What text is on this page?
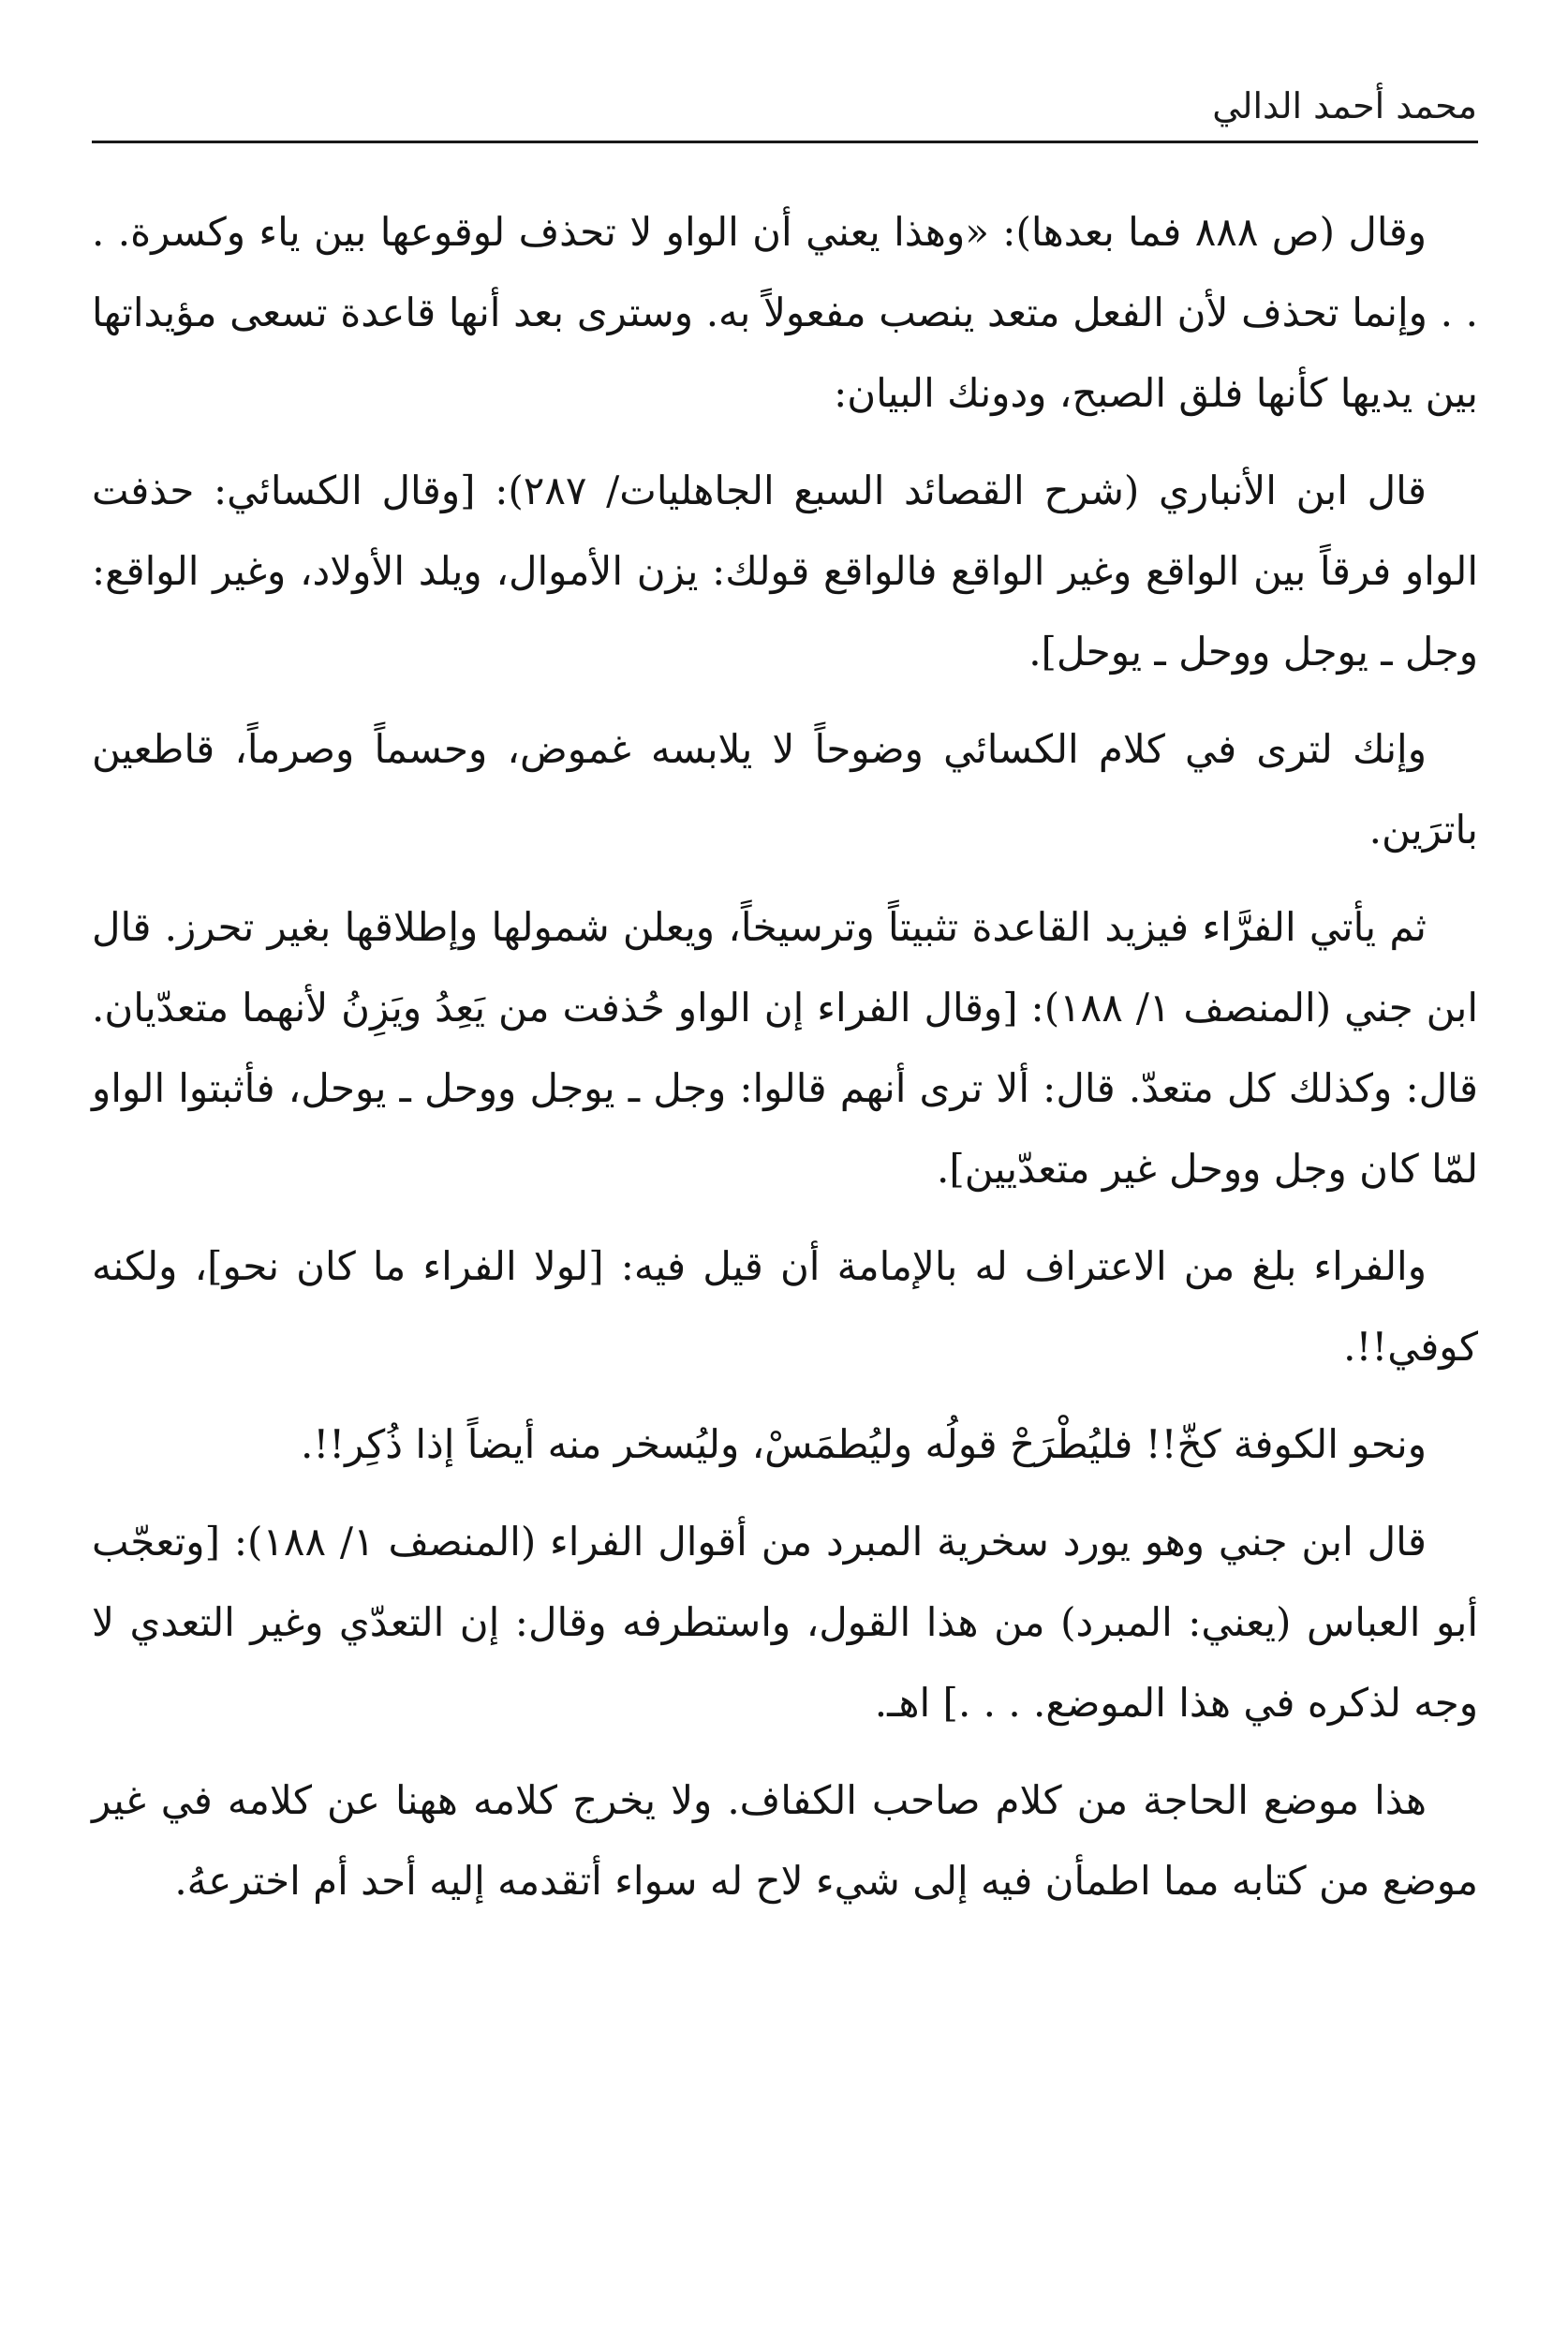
محمد أحمد الدالي

وقال (ص ٨٨٨ فما بعدها): «وهذا يعني أن الواو لا تحذف لوقوعها بين ياء وكسرة. . . . وإنما تحذف لأن الفعل متعد ينصب مفعولاً به. وسترى بعد أنها قاعدة تسعى مؤيداتها بين يديها كأنها فلق الصبح، ودونك البيان:

قال ابن الأنباري (شرح القصائد السبع الجاهليات/ ٢٨٧): [وقال الكسائي: حذفت الواو فرقاً بين الواقع وغير الواقع فالواقع قولك: يزن الأموال، ويلد الأولاد، وغير الواقع: وجل ـ يوجل ووحل ـ يوحل].

وإنك لترى في كلام الكسائي وضوحاً لا يلابسه غموض، وحسماً وصرماً، قاطعين باترَين.

ثم يأتي الفرَّاء فيزيد القاعدة تثبيتاً وترسيخاً، ويعلن شمولها وإطلاقها بغير تحرز. قال ابن جني (المنصف ١/ ١٨٨): [وقال الفراء إن الواو حُذفت من يَعِدُ ويَزِنُ لأنهما متعدّيان. قال: وكذلك كل متعدّ. قال: ألا ترى أنهم قالوا: وجل ـ يوجل ووحل ـ يوحل، فأثبتوا الواو لمّا كان وجل ووحل غير متعدّيين].

والفراء بلغ من الاعتراف له بالإمامة أن قيل فيه: [لولا الفراء ما كان نحو]، ولكنه كوفي!!.

ونحو الكوفة كخّ!! فليُطْرَحْ قولُه وليُطمَسْ، وليُسخر منه أيضاً إذا ذُكِر!!.

قال ابن جني وهو يورد سخرية المبرد من أقوال الفراء (المنصف ١/ ١٨٨): [وتعجّب أبو العباس (يعني: المبرد) من هذا القول، واستطرفه وقال: إن التعدّي وغير التعدي لا وجه لذكره في هذا الموضع. . . .] اهـ.

هذا موضع الحاجة من كلام صاحب الكفاف. ولا يخرج كلامه ههنا عن كلامه في غير موضع من كتابه مما اطمأن فيه إلى شيء لاح له سواء أتقدمه إليه أحد أم اخترعهُ.
